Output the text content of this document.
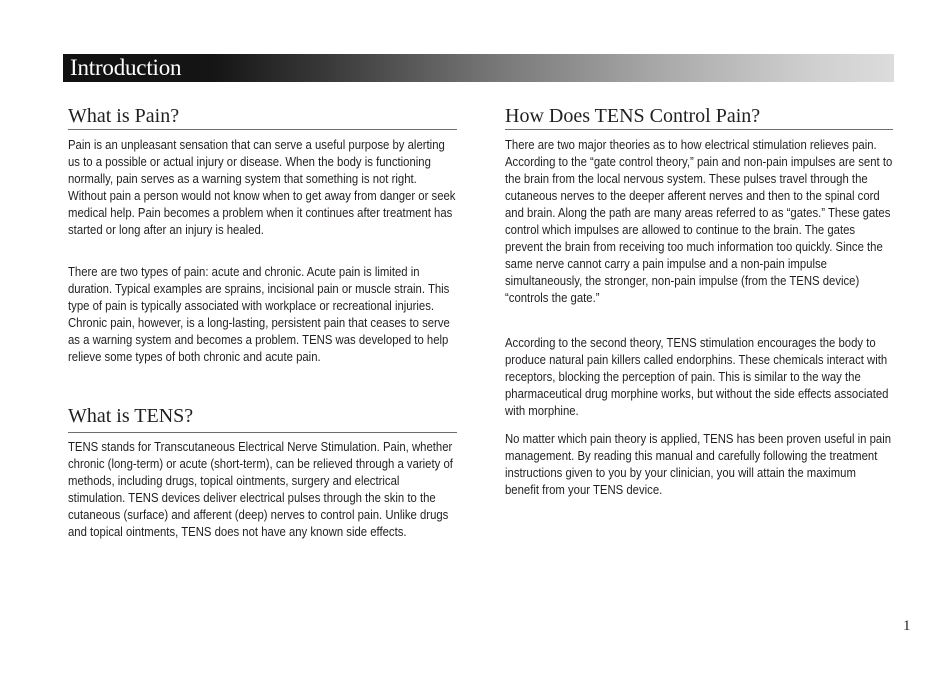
Introduction
What is Pain?

Pain is an unpleasant sensation that can serve a useful purpose by alerting us to a possible or actual injury or disease. When the body is functioning normally, pain serves as a warning system that something is not right. Without pain a person would not know when to get away from danger or seek medical help. Pain becomes a problem when it continues after treatment has started or long after an injury is healed.

There are two types of pain: acute and chronic. Acute pain is limited in duration. Typical examples are sprains, incisional pain or muscle strain. This type of pain is typically associated with workplace or recreational injuries. Chronic pain, however, is a long-lasting, persistent pain that ceases to serve as a warning system and becomes a problem. TENS was developed to help relieve some types of both chronic and acute pain.

What is TENS?

TENS stands for Transcutaneous Electrical Nerve Stimulation. Pain, whether chronic (long-term) or acute (short-term), can be relieved through a variety of methods, including drugs, topical ointments, surgery and electrical stimulation. TENS devices deliver electrical pulses through the skin to the cutaneous (surface) and afferent (deep) nerves to control pain. Unlike drugs and topical ointments, TENS does not have any known side effects.

How Does TENS Control Pain?

There are two major theories as to how electrical stimulation relieves pain. According to the “gate control theory,” pain and non-pain impulses are sent to the brain from the local nervous system. These pulses travel through the cutaneous nerves to the deeper afferent nerves and then to the spinal cord and brain. Along the path are many areas referred to as “gates.” These gates control which impulses are allowed to continue to the brain. The gates prevent the brain from receiving too much information too quickly. Since the same nerve cannot carry a pain impulse and a non-pain impulse simultaneously, the stronger, non-pain impulse (from the TENS device) “controls the gate.”

According to the second theory, TENS stimulation encourages the body to produce natural pain killers called endorphins. These chemicals interact with receptors, blocking the perception of pain. This is similar to the way the pharmaceutical drug morphine works, but without the side effects associated with morphine.

No matter which pain theory is applied, TENS has been proven useful in pain management. By reading this manual and carefully following the treatment instructions given to you by your clinician, you will attain the maximum benefit from your TENS device.

1
